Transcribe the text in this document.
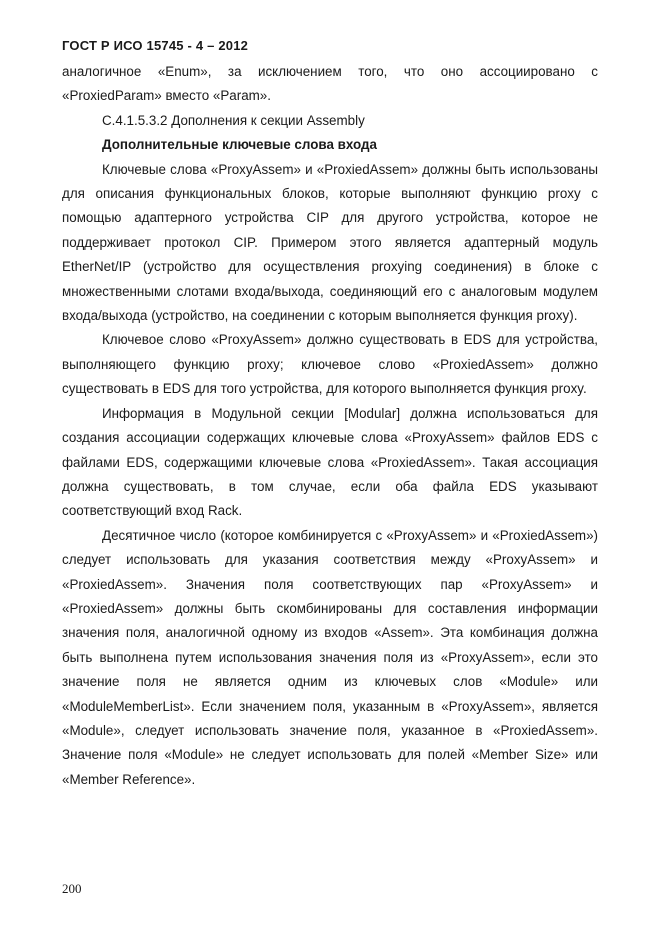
ГОСТ Р ИСО 15745 - 4 – 2012

аналогичное «Enum», за исключением того, что оно ассоциировано с «ProxiedParam» вместо «Param».

С.4.1.5.3.2 Дополнения к секции Assembly

Дополнительные ключевые слова входа

Ключевые слова «ProxyAssem» и «ProxiedAssem» должны быть использованы для описания функциональных блоков, которые выполняют функцию proxy с помощью адаптерного устройства CIP для другого устройства, которое не поддерживает протокол CIP. Примером этого является адаптерный модуль EtherNet/IP (устройство для осуществления proxying соединения) в блоке с множественными слотами входа/выхода, соединяющий его с аналоговым модулем входа/выхода (устройство, на соединении с которым выполняется функция proxy).

Ключевое слово «ProxyAssem» должно существовать в EDS для устройства, выполняющего функцию proxy; ключевое слово «ProxiedAssem» должно существовать в EDS для того устройства, для которого выполняется функция proxy.

Информация в Модульной секции [Modular] должна использоваться для создания ассоциации содержащих ключевые слова «ProxyAssem» файлов EDS с файлами EDS, содержащими ключевые слова «ProxiedAssem». Такая ассоциация должна существовать, в том случае, если оба файла EDS указывают соответствующий вход Rack.

Десятичное число (которое комбинируется с «ProxyAssem» и «ProxiedAssem») следует использовать для указания соответствия между «ProxyAssem» и «ProxiedAssem». Значения поля соответствующих пар «ProxyAssem» и «ProxiedAssem» должны быть скомбинированы для составления информации значения поля, аналогичной одному из входов «Assem». Эта комбинация должна быть выполнена путем использования значения поля из «ProxyAssem», если это значение поля не является одним из ключевых слов «Module» или «ModuleMemberList». Если значением поля, указанным в «ProxyAssem», является «Module», следует использовать значение поля, указанное в «ProxiedAssem». Значение поля «Module» не следует использовать для полей «Member Size» или «Member Reference».

200
